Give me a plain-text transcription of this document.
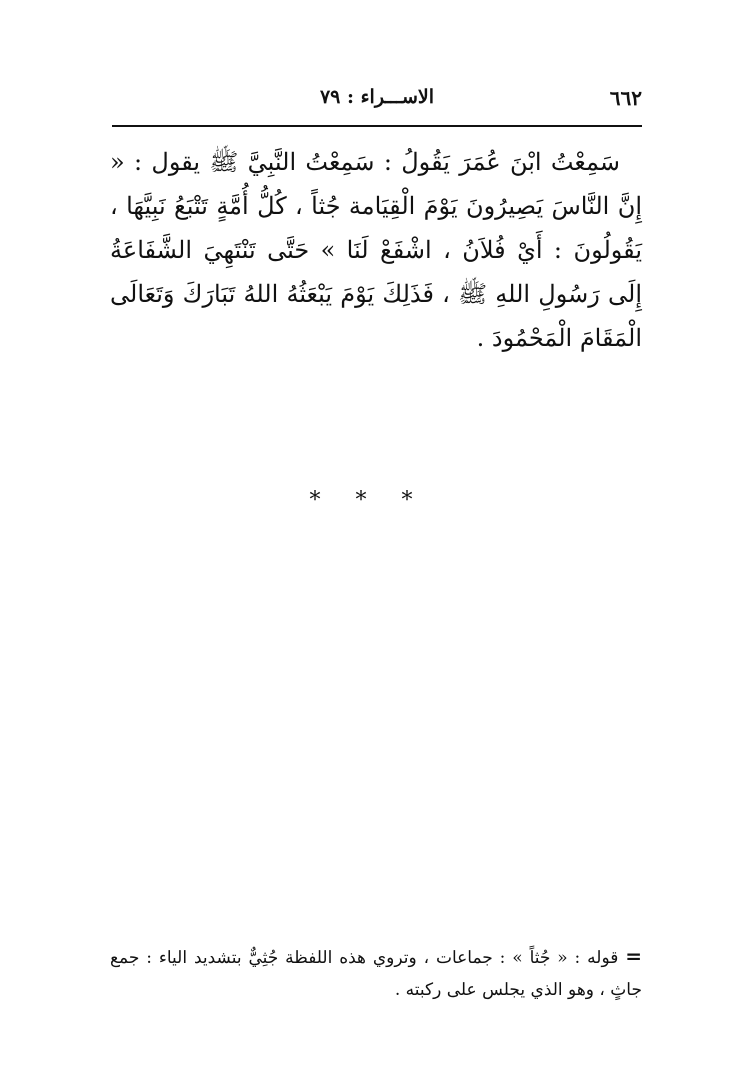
٦٦٢
الاســـراء : ٧٩

سَمِعْتُ ابْنَ عُمَرَ يَقُولُ : سَمِعْتُ النَّبِيَّ ﷺ يقول : « إِنَّ النَّاسَ يَصِيرُونَ يَوْمَ الْقِيَامة جُثاً ، كُلُّ أُمَّةٍ تَتْبَعُ نَبِيَّهَا ، يَقُولُونَ : أَيْ فُلاَنُ ، اشْفَعْ لَنَا » حَتَّى تَنْتَهِيَ الشَّفَاعَةُ إِلَى رَسُولِ اللهِ ﷺ ، فَذَلِكَ يَوْمَ يَبْعَثُهُ اللهُ تَبَارَكَ وَتَعَالَى الْمَقَامَ الْمَحْمُودَ .

* * *

= قوله : « جُثاً » : جماعات ، وتروي هذه اللفظة جُثِيٌّ بتشديد الياء : جمع جاثٍ ، وهو الذي يجلس على ركبته .
